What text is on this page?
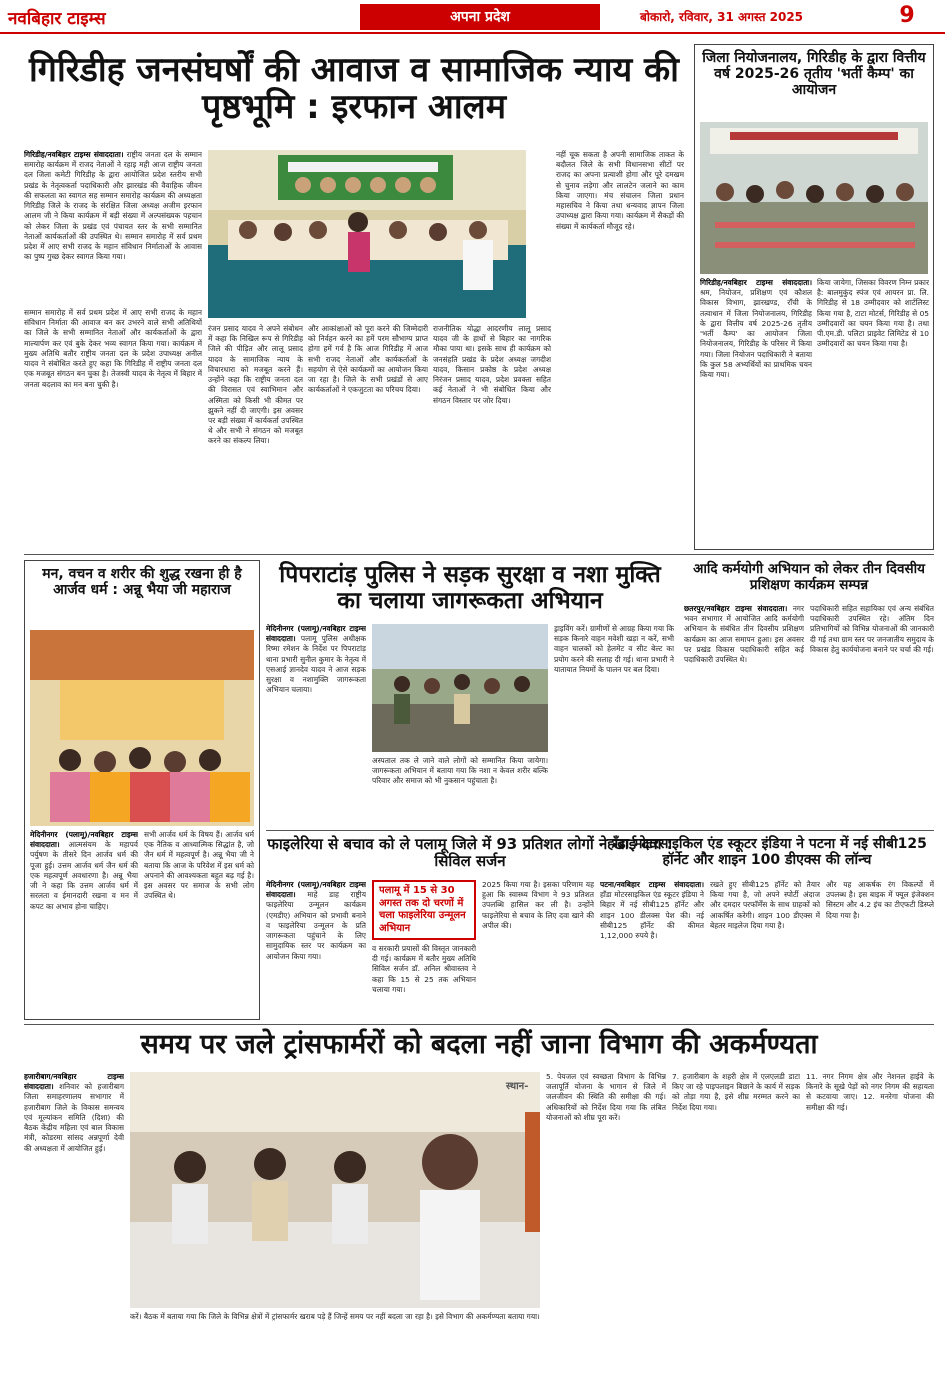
नवबिहार टाइम्स	अपना प्रदेश	बोकारो, रविवार, 31 अगस्त 2025	9
गिरिडीह जनसंघर्षों की आवाज व सामाजिक न्याय की पृष्ठभूमि : इरफान आलम
गिरिडीह/नवबिहार टाइम्स संवाददाता। राष्ट्रीय जनता दल के सम्मान समारोह कार्यक्रम में राजद नेताओं ने रहाइ मही आज राष्ट्रीय जनता दल जिला कमेटी गिरिडीह के द्वारा आयोजित प्रदेश स्तरीय सभी प्रखंड के नेतृत्वकर्ता पदाधिकारी और झारखंड की वैवाहिक जीवन की सफलता का स्वागत सह सम्मान समारोह कार्यक्रम की अध्यक्षता गिरिडीह जिले के राजद के संरक्षित जिला अध्यक्ष अजीम इरफान आलम जी ने किया कार्यक्रम में बड़ी संख्या में अल्पसंख्यक पहचान को लेकर जिला के प्रखंड एवं पंचायत स्तर के सभी सम्मानित नेताओं कार्यकर्ताओं की उपस्थित थे। सम्मान समारोह में सर्व प्रथम प्रदेश में आए सभी राजद के महान संविधान निर्माताओं के आवास का पुष्प गुच्छ देकर स्वागत किया गया।
सम्मान समारोह में सर्व प्रथम प्रदेश में आए सभी राजद के महान संविधान निर्माता की आवाज बन कर उभरने वाले सभी अतिथियों का जिले के सभी सम्मानित नेताओं और कार्यकर्ताओं के द्वारा माल्यार्पण कर एवं बुके देकर भव्य स्वागत किया गया। कार्यक्रम में मुख्य अतिथि बतौर राष्ट्रीय जनता दल के प्रदेश उपाध्यक्ष अनील यादव ने संबोधित करते हुए कहा कि गिरिडीह में राष्ट्रीय जनता दल एक मजबूत संगठन बन चुका है। तेजस्वी यादव के नेतृत्व में बिहार में जनता बदलाव का मन बना चुकी है।
रंजन प्रसाद यादव ने अपने संबोधन में कहा कि निखिल रूप से गिरिडीह जिले की पीड़ित और लालू प्रसाद यादव के सामाजिक न्याय के विचारधारा को मजबूत करने हैं। उन्होंने कहा कि राष्ट्रीय जनता दल की विरासत एवं स्वाभिमान और अस्मिता को किसी भी कीमत पर झुकने नहीं दी जाएगी। इस अवसर पर बड़ी संख्या में कार्यकर्ता उपस्थित थे और सभी ने संगठन को मजबूत करने का संकल्प लिया।
और आकांक्षाओं को पूरा करने की जिम्मेदारी को निर्वहन करने का हमें परम सौभाग्य प्राप्त होगा हमें गर्व है कि आज गिरिडीह में आज सभी राजद नेताओं और कार्यकर्ताओं के सहयोग से ऐसे कार्यक्रमों का आयोजन किया जा रहा है। जिले के सभी प्रखंडों से आए कार्यकर्ताओं ने एकजुटता का परिचय दिया।
राजनीतिक योद्धा आदरणीय लालू प्रसाद यादव जी के हाथों से बिहार का नागरिक मौका पाया था। इसके साथ ही कार्यक्रम को जनसंहति प्रखंड के प्रदेश अध्यक्ष जगदीश यादव, किसान प्रकोष्ठ के प्रदेश अध्यक्ष निरंजन प्रसाद यादव, प्रदेश प्रवक्ता सहित कई नेताओं ने भी संबोधित किया और संगठन विस्तार पर जोर दिया।
नहीं चूक सकता है अपनी सामाजिक ताकत के बदौलत जिले के सभी विधानसभा सीटों पर राजद का अपना प्रत्याशी होगा और पूरे दमखम से चुनाव लड़ेगा और लालटेन जलाने का काम किया जाएगा। मंच संचालन जिला प्रधान महासचिव ने किया तथा धन्यवाद ज्ञापन जिला उपाध्यक्ष द्वारा किया गया। कार्यक्रम में सैकड़ों की संख्या में कार्यकर्ता मौजूद रहे।
जिला नियोजनालय, गिरिडीह के द्वारा वित्तीय वर्ष 2025-26 तृतीय 'भर्ती कैम्प' का आयोजन
गिरिडीह/नवबिहार टाइम्स संवाददाता। श्रम, नियोजन, प्रशिक्षण एवं कौशल विकास विभाग, झारखण्ड, राँची के तत्वाधान में जिला नियोजनालय, गिरिडीह के द्वारा वित्तीय वर्ष 2025-26 तृतीय 'भर्ती कैम्प' का आयोजन जिला नियोजनालय, गिरिडीह के परिसर में किया गया। जिला नियोजन पदाधिकारी ने बताया कि कुल 58 अभ्यर्थियों का प्राथमिक चयन किया गया।
किया जायेगा, जिसका विवरण निम्न प्रकार है: बालमुकुंद स्पंज एवं आयरन प्रा. लि. गिरिडीह से 18 उम्मीदवार को शार्टलिस्ट किया गया है, टाटा मोटर्स, गिरिडीह से 05 उम्मीदवारों का चयन किया गया है। तथा पी.एम.डी. पलिटा प्राइवेट लिमिटेड से 10 उम्मीदवारों का चयन किया गया है।
मन, वचन व शरीर की शुद्ध रखना ही है आर्जव धर्म : अन्नू भैया जी महाराज
मेदिनीनगर (पलामू)/नवबिहार टाइम्स संवाददाता। आत्मसंयम के महापर्व पर्युषण के तीसरे दिन आर्जव धर्म की पूजा हुई। उत्तम आर्जव धर्म जैन धर्म की एक महत्वपूर्ण अवधारणा है। अन्नू भैया जी ने कहा कि उत्तम आर्जव धर्म में सरलता व ईमानदारी रखना व मन में कपट का अभाव होना चाहिए।
सभी आर्जव धर्म के विषय हैं। आर्जव धर्म एक नैतिक व आध्यात्मिक सिद्धांत है, जो जैन धर्म में महत्वपूर्ण है। अन्नू भैया जी ने बताया कि आज के परिवेश में इस धर्म को अपनाने की आवश्यकता बहुत बढ़ गई है। इस अवसर पर समाज के सभी लोग उपस्थित थे।
पिपराटांड़ पुलिस ने सड़क सुरक्षा व नशा मुक्ति का चलाया जागरूकता अभियान
मेदिनीनगर (पलामू)/नवबिहार टाइम्स संवाददाता। पलामू पुलिस अधीक्षक रिष्मा रमेशन के निर्देश पर पिपराटांड़ थाना प्रभारी सुनील कुमार के नेतृत्व में एसआई ज्ञानदेव यादव ने आज सड़क सुरक्षा व नशामुक्ति जागरूकता अभियान चलाया।
अस्पताल तक ले जाने वाले लोगों को सम्मानित किया जायेगा। जागरूकता अभियान में बताया गया कि नशा न केवल शरीर बल्कि परिवार और समाज को भी नुकसान पहुंचाता है।
ड्राइविंग करें। ग्रामीणों से आग्रह किया गया कि सड़क किनारे वाहन मवेशी खड़ा न करें, सभी वाहन चालकों को हेलमेट व सीट बेल्ट का प्रयोग करने की सलाह दी गई। थाना प्रभारी ने यातायात नियमों के पालन पर बल दिया।
आदि कर्मयोगी अभियान को लेकर तीन दिवसीय प्रशिक्षण कार्यक्रम सम्पन्न
छतरपुर/नवबिहार टाइम्स संवाददाता। नगर भवन सभागार में आयोजित आदि कर्मयोगी अभियान के संबंधित तीन दिवसीय प्रशिक्षण कार्यक्रम का आज समापन हुआ। इस अवसर पर प्रखंड विकास पदाधिकारी सहित कई पदाधिकारी उपस्थित थे।
पदाधिकारी सहित सहायिका एवं अन्य संबंधित पदाधिकारी उपस्थित रहे। अंतिम दिन प्रतिभागियों को विभिन्न योजनाओं की जानकारी दी गई तथा ग्राम स्तर पर जनजातीय समुदाय के विकास हेतु कार्ययोजना बनाने पर चर्चा की गई।
फाइलेरिया से बचाव को ले पलामू जिले में 93 प्रतिशत लोगों ने खाई दवा : सिविल सर्जन
मेदिनीनगर (पलामू)/नवबिहार टाइम्स संवाददाता। माहे डाह राष्ट्रीय फाइलेरिया उन्मूलन कार्यक्रम (एमडीए) अभियान को प्रभावी बनाने व फाइलेरिया उन्मूलन के प्रति जागरूकता पहुंचाने के लिए सामुदायिक स्तर पर कार्यक्रम का आयोजन किया गया।
पलामू में 15 से 30 अगस्त तक दो चरणों में चला फाइलेरिया उन्मूलन अभियान
व सरकारी प्रयासों की विस्तृत जानकारी दी गई। कार्यक्रम में बतौर मुख्य अतिथि सिविल सर्जन डॉ. अनिल श्रीवास्तव ने कहा कि 15 से 25 तक अभियान चलाया गया।
2025 किया गया है। इसका परिणाम यह हुआ कि स्वास्थ्य विभाग ने 93 प्रतिशत उपलब्धि हासिल कर ली है। उन्होंने फाइलेरिया से बचाव के लिए दवा खाने की अपील की।
हॉंडा मोटरसाइकिल एंड स्कूटर इंडिया ने पटना में नई सीबी125 हॉर्नेट और शाइन 100 डीएक्स की लॉन्च
पटना/नवबिहार टाइम्स संवाददाता। हॉंडा मोटरसाइकिल एंड स्कूटर इंडिया ने बिहार में नई सीबी125 हॉर्नेट और शाइन 100 डीलक्स पेश की। नई सीबी125 हॉर्नेट की कीमत 1,12,000 रुपये है।
रखते हुए सीबी125 हॉर्नेट को तैयार किया गया है, जो अपने स्पोर्टी अंदाज और दमदार परफॉर्मेंस के साथ ग्राहकों को आकर्षित करेगी। शाइन 100 डीएक्स में बेहतर माइलेज दिया गया है।
और यह आकर्षक रंग विकल्पों में उपलब्ध है। इस बाइक में फ्यूल इंजेक्शन सिस्टम और 4.2 इंच का टीएफटी डिस्प्ले दिया गया है।
समय पर जले ट्रांसफार्मरों को बदला नहीं जाना विभाग की अकर्मण्यता
हजारीबाग/नवबिहार टाइम्स संवाददाता। शनिवार को हजारीबाग जिला समाहरणालय सभागार में हजारीबाग जिले के विकास समन्वय एवं मूल्यांकन समिति (दिशा) की बैठक केंद्रीय महिला एवं बाल विकास मंत्री, कोडरमा सांसद अन्नपूर्णा देवी की अध्यक्षता में आयोजित हुई।
स्थान-
करें। बैठक में बताया गया कि जिले के विभिन्न क्षेत्रों में ट्रांसफार्मर खराब पड़े हैं जिन्हें समय पर नहीं बदला जा रहा है। इसे विभाग की अकर्मण्यता बताया गया।
5. पेयजल एवं स्वच्छता विभाग के विभिन्न जलापूर्ति योजना के भागान से जिले में जलजीवन की स्थिति की समीक्षा की गई। अधिकारियों को निर्देश दिया गया कि लंबित योजनाओं को शीघ्र पूरा करें।
7. हजारीबाग के शहरी क्षेत्र में एलएलडी डाटा किए जा रहे पाइपलाइन बिछाने के कार्य में सड़क को तोड़ा गया है, इसे शीघ्र मरम्मत करने का निर्देश दिया गया।
11. नगर निगम क्षेत्र और नेशनल हाईवे के किनारे के सूखे पेड़ों को नगर निगम की सहायता से कटवाया जाए। 12. मनरेगा योजना की समीक्षा की गई।
